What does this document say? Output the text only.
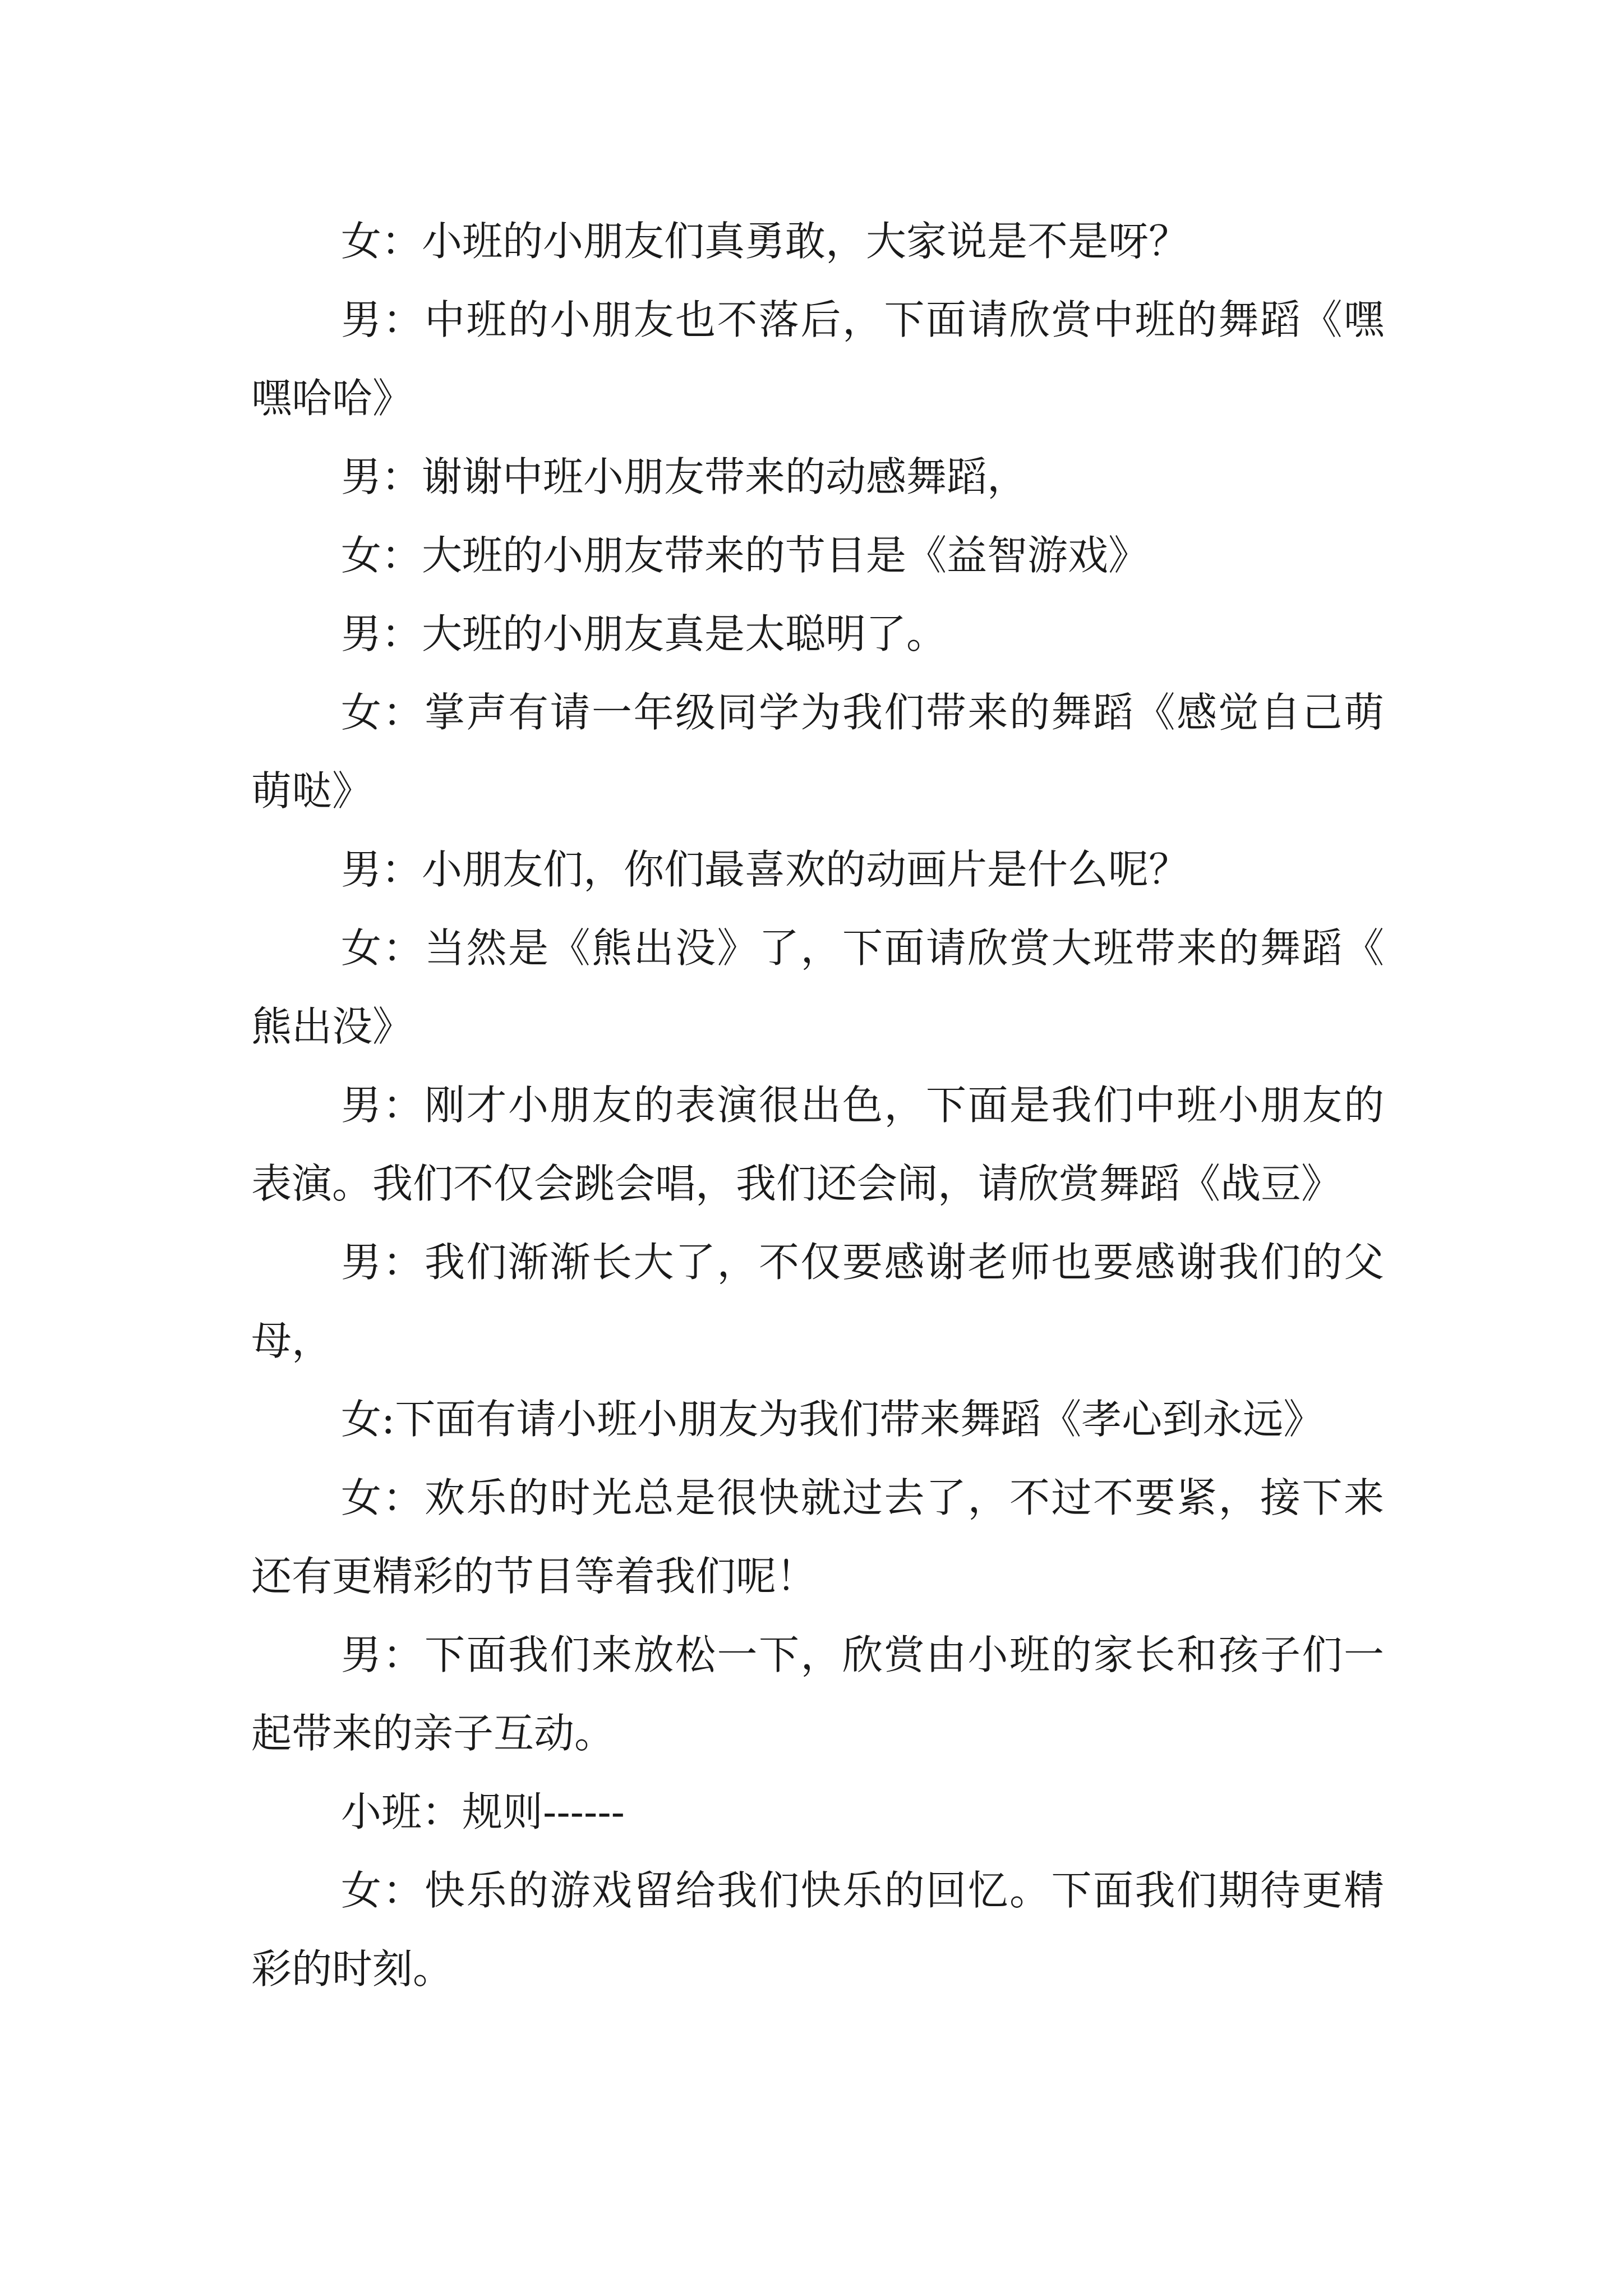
女：小班的小朋友们真勇敢，大家说是不是呀？

男：中班的小朋友也不落后，下面请欣赏中班的舞蹈《嘿嘿哈哈》

男：谢谢中班小朋友带来的动感舞蹈，

女：大班的小朋友带来的节目是《益智游戏》

男：大班的小朋友真是太聪明了。

女：掌声有请一年级同学为我们带来的舞蹈《感觉自己萌萌哒》

男：小朋友们，你们最喜欢的动画片是什么呢？

女：当然是《熊出没》了，下面请欣赏大班带来的舞蹈《熊出没》

男：刚才小朋友的表演很出色，下面是我们中班小朋友的表演。我们不仅会跳会唱，我们还会闹，请欣赏舞蹈《战豆》

男：我们渐渐长大了，不仅要感谢老师也要感谢我们的父母，

女:下面有请小班小朋友为我们带来舞蹈《孝心到永远》

女：欢乐的时光总是很快就过去了，不过不要紧，接下来还有更精彩的节目等着我们呢！

男：下面我们来放松一下，欣赏由小班的家长和孩子们一起带来的亲子互动。

小班：规则------

女：快乐的游戏留给我们快乐的回忆。下面我们期待更精彩的时刻。
